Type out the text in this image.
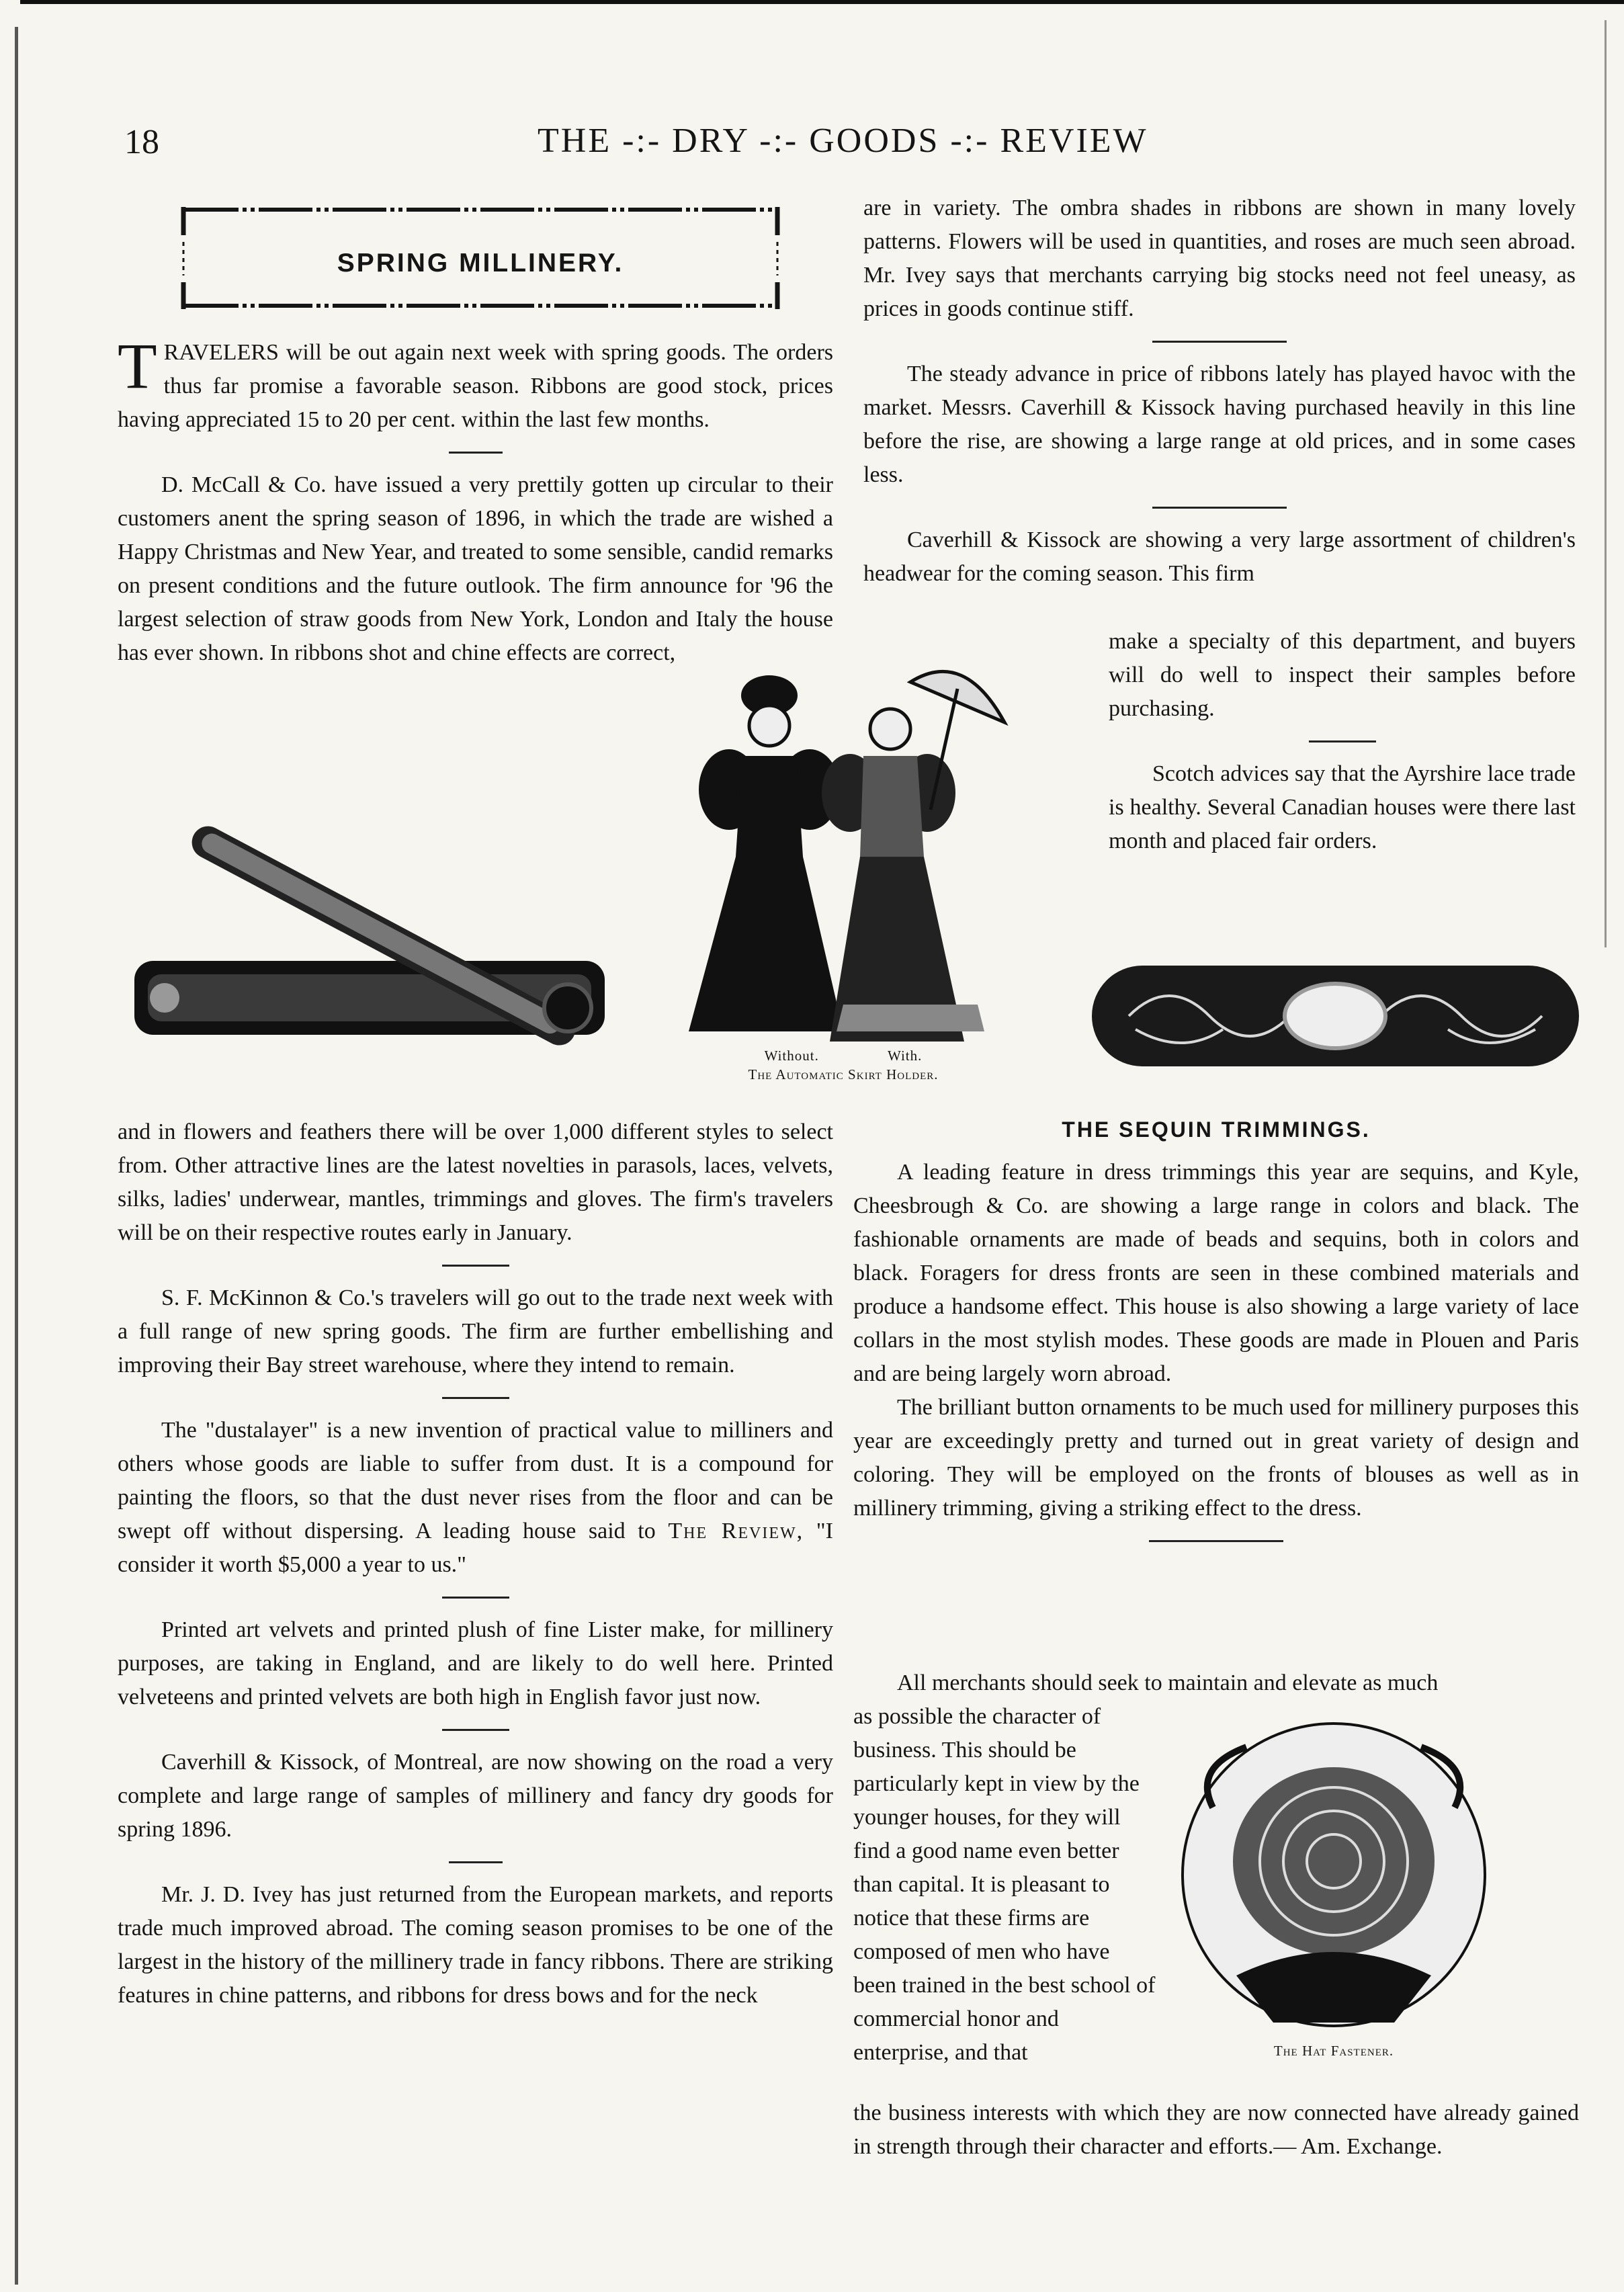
18	THE -:- DRY -:- GOODS -:- REVIEW
SPRING MILLINERY.

TRAVELERS will be out again next week with spring goods. The orders thus far promise a favorable season. Ribbons are good stock, prices having appreciated 15 to 20 per cent. within the last few months.

D. McCall & Co. have issued a very prettily gotten up circular to their customers anent the spring season of 1896, in which the trade are wished a Happy Christmas and New Year, and treated to some sensible, candid remarks on present conditions and the future outlook. The firm announce for '96 the largest selection of straw goods from New York, London and Italy the house has ever shown. In ribbons shot and chine effects are correct,

Without.	With.
The Automatic Skirt Holder.

and in flowers and feathers there will be over 1,000 different styles to select from. Other attractive lines are the latest novelties in parasols, laces, velvets, silks, ladies' underwear, mantles, trimmings and gloves. The firm's travelers will be on their respective routes early in January.

S. F. McKinnon & Co.'s travelers will go out to the trade next week with a full range of new spring goods. The firm are further embellishing and improving their Bay street warehouse, where they intend to remain.

The "dustalayer" is a new invention of practical value to milliners and others whose goods are liable to suffer from dust. It is a compound for painting the floors, so that the dust never rises from the floor and can be swept off without dispersing. A leading house said to The Review, "I consider it worth $5,000 a year to us."

Printed art velvets and printed plush of fine Lister make, for millinery purposes, are taking in England, and are likely to do well here. Printed velveteens and printed velvets are both high in English favor just now.

Caverhill & Kissock, of Montreal, are now showing on the road a very complete and large range of samples of millinery and fancy dry goods for spring 1896.

Mr. J. D. Ivey has just returned from the European markets, and reports trade much improved abroad. The coming season promises to be one of the largest in the history of the millinery trade in fancy ribbons. There are striking features in chine patterns, and ribbons for dress bows and for the neck

are in variety. The ombra shades in ribbons are shown in many lovely patterns. Flowers will be used in quantities, and roses are much seen abroad. Mr. Ivey says that merchants carrying big stocks need not feel uneasy, as prices in goods continue stiff.

The steady advance in price of ribbons lately has played havoc with the market. Messrs. Caverhill & Kissock having purchased heavily in this line before the rise, are showing a large range at old prices, and in some cases less.

Caverhill & Kissock are showing a very large assortment of children's headwear for the coming season. This firm

make a specialty of this department, and buyers will do well to inspect their samples before purchasing.

Scotch advices say that the Ayrshire lace trade is healthy. Several Canadian houses were there last month and placed fair orders.

THE SEQUIN TRIMMINGS.

A leading feature in dress trimmings this year are sequins, and Kyle, Cheesbrough & Co. are showing a large range in colors and black. The fashionable ornaments are made of beads and sequins, both in colors and black. Foragers for dress fronts are seen in these combined materials and produce a handsome effect. This house is also showing a large variety of lace collars in the most stylish modes. These goods are made in Plouen and Paris and are being largely worn abroad.

The brilliant button ornaments to be much used for millinery purposes this year are exceedingly pretty and turned out in great variety of design and coloring. They will be employed on the fronts of blouses as well as in millinery trimming, giving a striking effect to the dress.

All merchants should seek to maintain and elevate as much

as possible the character of business. This should be particularly kept in view by the younger houses, for they will find a good name even better than capital. It is pleasant to notice that these firms are composed of men who have been trained in the best school of commercial honor and enterprise, and that

the business interests with which they are now connected have already gained in strength through their character and efforts.— Am. Exchange.

The Hat Fastener.
